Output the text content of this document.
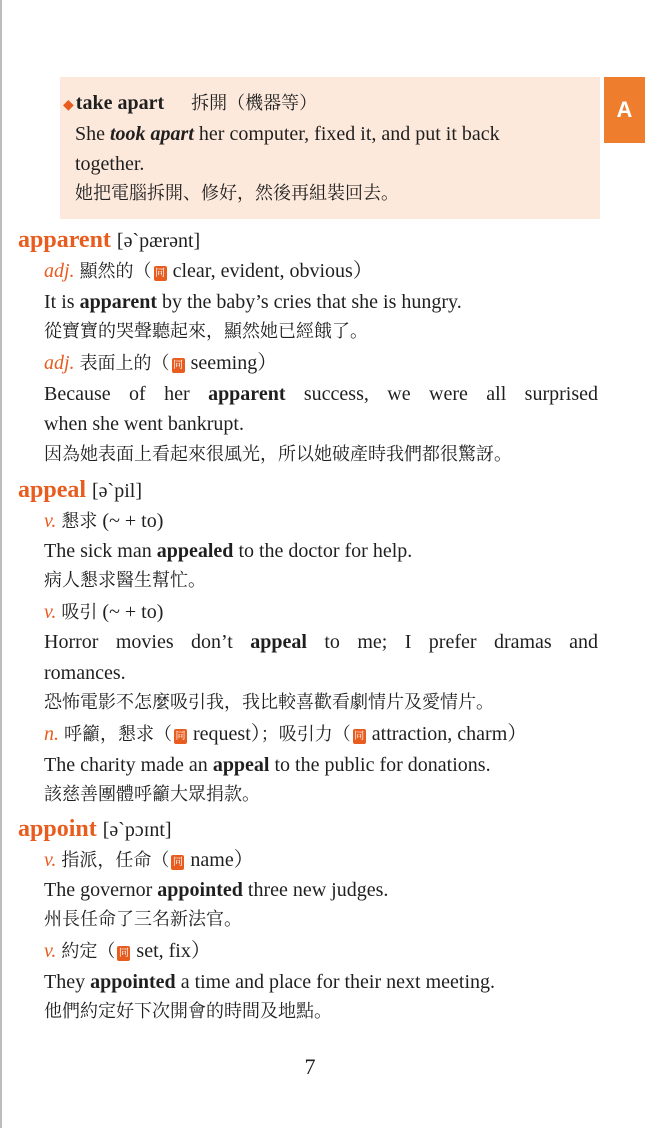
A
◆ take apart 拆開（機器等）
She took apart her computer, fixed it, and put it back
together.
她把電腦拆開、修好，然後再組裝回去。
apparent [ə`pærənt]
adj. 顯然的（ 同 clear, evident, obvious）
It is apparent by the baby’s cries that she is hungry.
從寶寶的哭聲聽起來，顯然她已經餓了。
adj. 表面上的（ 同 seeming）
Because of her apparent success, we were all surprised
when she went bankrupt.
因為她表面上看起來很風光，所以她破產時我們都很驚訝。
appeal [ə`pil]
v. 懇求 (~ + to)
The sick man appealed to the doctor for help.
病人懇求醫生幫忙。
v. 吸引 (~ + to)
Horror movies don’t appeal to me; I prefer dramas and
romances.
恐怖電影不怎麼吸引我，我比較喜歡看劇情片及愛情片。
n. 呼籲，懇求（ 同 request）；吸引力（ 同 attraction, charm）
The charity made an appeal to the public for donations.
該慈善團體呼籲大眾捐款。
appoint [ə`pɔɪnt]
v. 指派，任命（ 同 name）
The governor appointed three new judges.
州長任命了三名新法官。
v. 約定（ 同 set, fix）
They appointed a time and place for their next meeting.
他們約定好下次開會的時間及地點。
7
